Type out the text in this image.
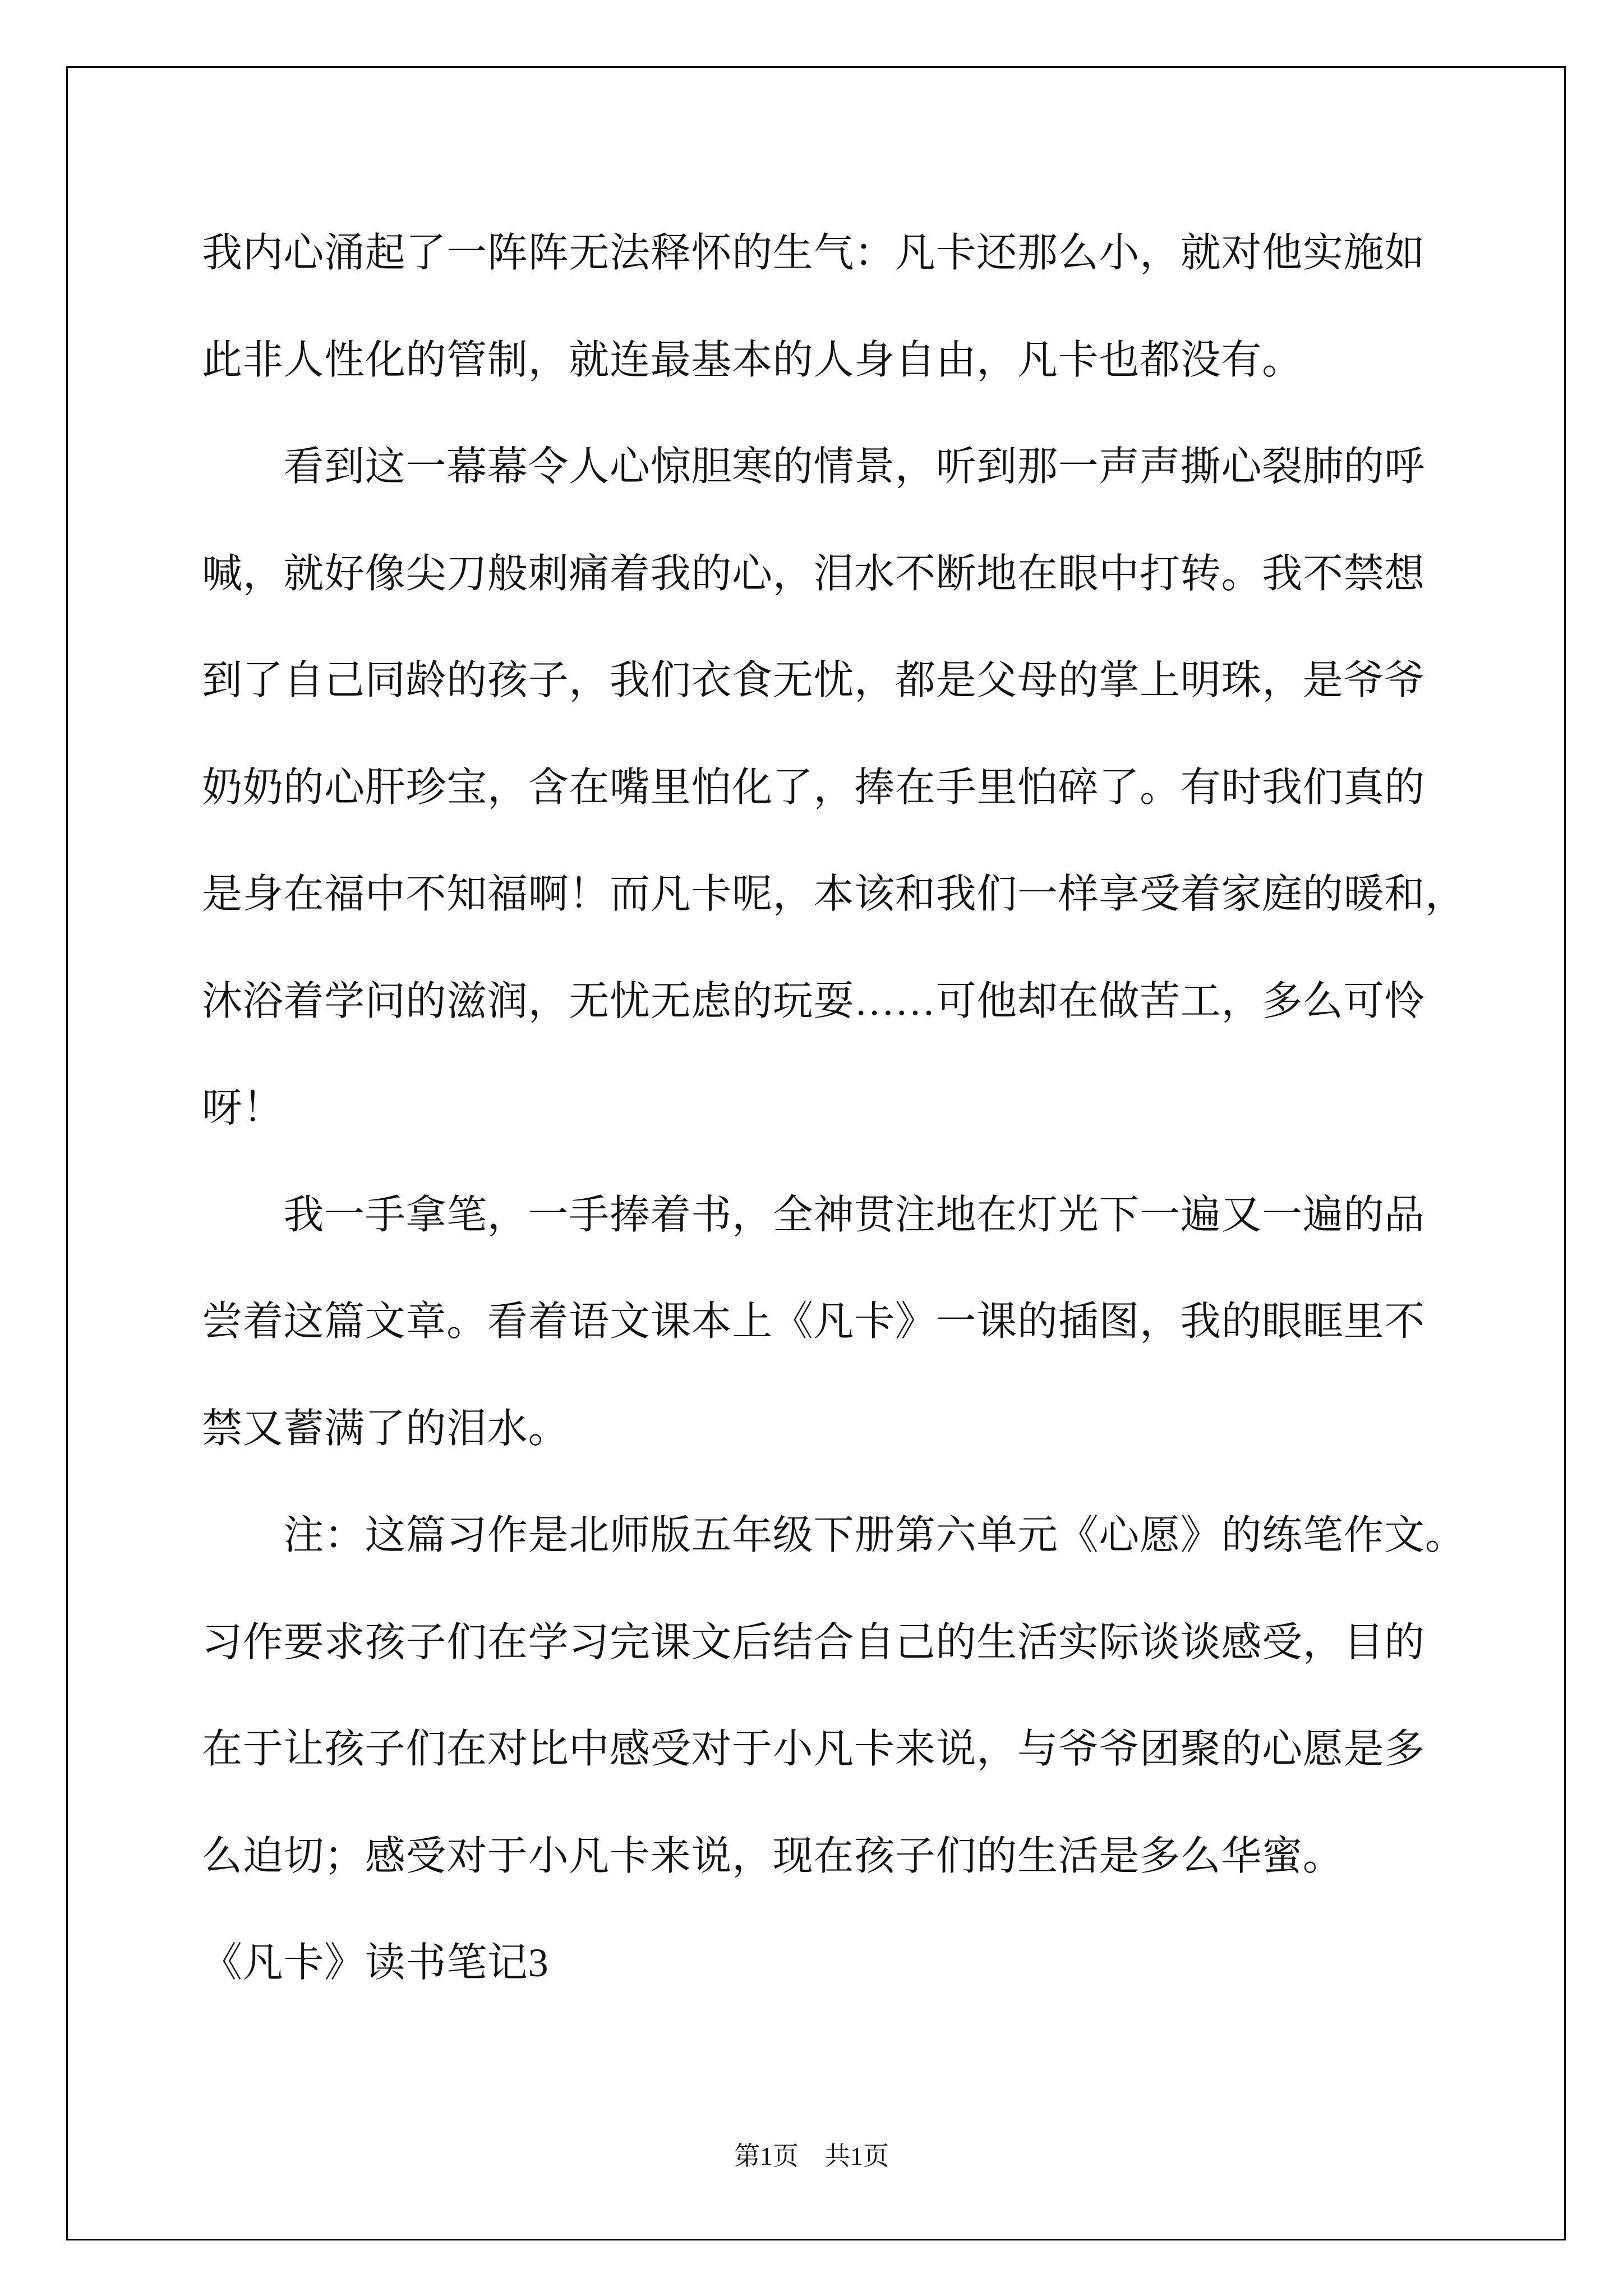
我内心涌起了一阵阵无法释怀的生气：凡卡还那么小，就对他实施如
此非人性化的管制，就连最基本的人身自由，凡卡也都没有。
看到这一幕幕令人心惊胆寒的情景，听到那一声声撕心裂肺的呼
喊，就好像尖刀般刺痛着我的心，泪水不断地在眼中打转。我不禁想
到了自己同龄的孩子，我们衣食无忧，都是父母的掌上明珠，是爷爷
奶奶的心肝珍宝，含在嘴里怕化了，捧在手里怕碎了。有时我们真的
是身在福中不知福啊！而凡卡呢，本该和我们一样享受着家庭的暖和，
沐浴着学问的滋润，无忧无虑的玩耍……可他却在做苦工，多么可怜
呀！
我一手拿笔，一手捧着书，全神贯注地在灯光下一遍又一遍的品
尝着这篇文章。看着语文课本上《凡卡》一课的插图，我的眼眶里不
禁又蓄满了的泪水。
注：这篇习作是北师版五年级下册第六单元《心愿》的练笔作文。
习作要求孩子们在学习完课文后结合自己的生活实际谈谈感受，目的
在于让孩子们在对比中感受对于小凡卡来说，与爷爷团聚的心愿是多
么迫切；感受对于小凡卡来说，现在孩子们的生活是多么华蜜。
《凡卡》读书笔记3
第1页　共1页
